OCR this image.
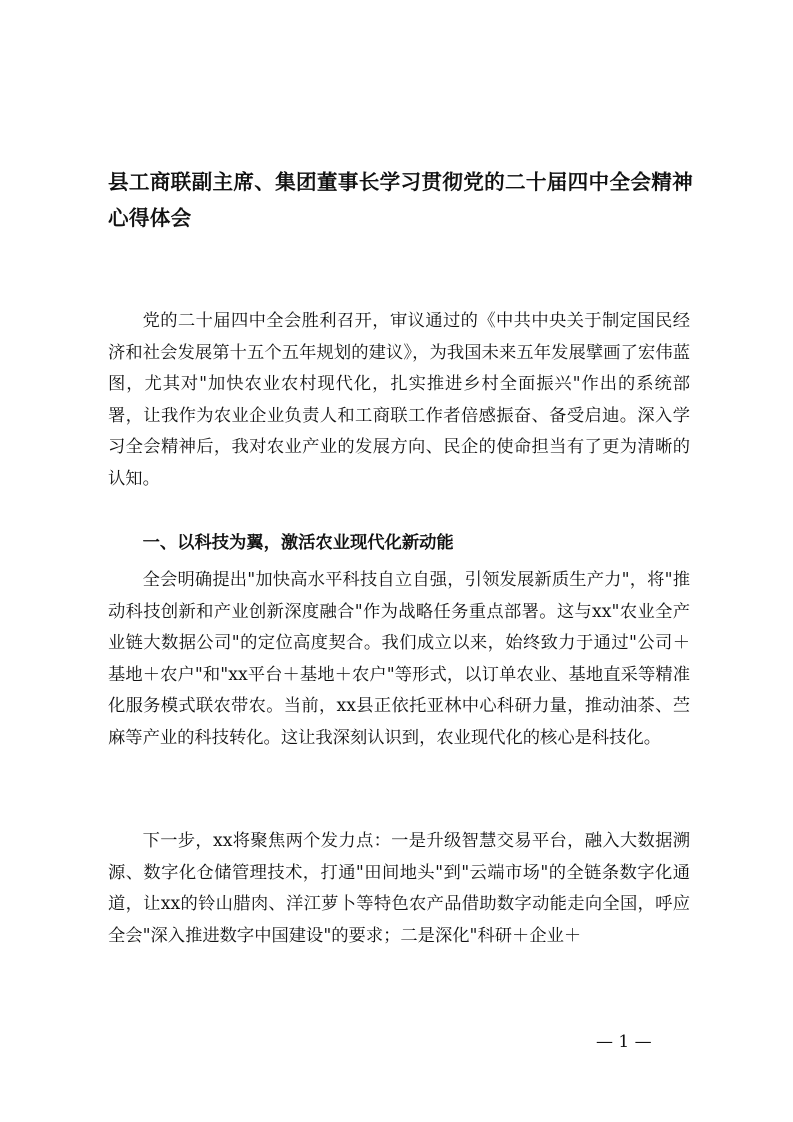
县工商联副主席、集团董事长学习贯彻党的二十届四中全会精神心得体会

党的二十届四中全会胜利召开，审议通过的《中共中央关于制定国民经济和社会发展第十五个五年规划的建议》，为我国未来五年发展擘画了宏伟蓝图，尤其对"加快农业农村现代化，扎实推进乡村全面振兴"作出的系统部署，让我作为农业企业负责人和工商联工作者倍感振奋、备受启迪。深入学习全会精神后，我对农业产业的发展方向、民企的使命担当有了更为清晰的认知。

一、以科技为翼，激活农业现代化新动能

全会明确提出"加快高水平科技自立自强，引领发展新质生产力"，将"推动科技创新和产业创新深度融合"作为战略任务重点部署。这与xx"农业全产业链大数据公司"的定位高度契合。我们成立以来，始终致力于通过"公司＋基地＋农户"和"xx平台＋基地＋农户"等形式，以订单农业、基地直采等精准化服务模式联农带农。当前，xx县正依托亚林中心科研力量，推动油茶、苎麻等产业的科技转化。这让我深刻认识到，农业现代化的核心是科技化。

下一步，xx将聚焦两个发力点：一是升级智慧交易平台，融入大数据溯源、数字化仓储管理技术，打通"田间地头"到"云端市场"的全链条数字化通道，让xx的铃山腊肉、洋江萝卜等特色农产品借助数字动能走向全国，呼应全会"深入推进数字中国建设"的要求；二是深化"科研＋企业＋

— 1 —
